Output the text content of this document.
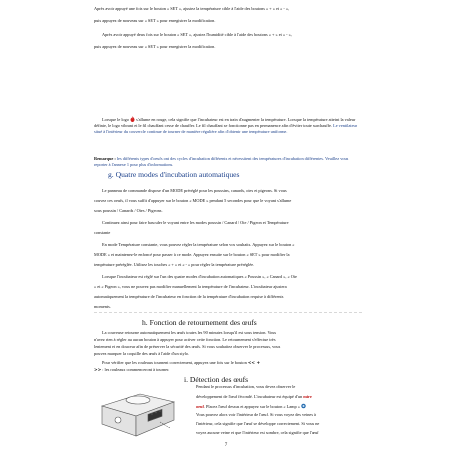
Après avoir appuyé une fois sur le bouton « SET », ajustez la température cible à l'aide des boutons « + » et « - »,

puis appuyez de nouveau sur « SET » pour enregistrer la modification.

Après avoir appuyé deux fois sur le bouton « SET », ajustez l'humidité cible à l'aide des boutons « + » et « - »,

puis appuyez de nouveau sur « SET » pour enregistrer la modification.

Lorsque le logo s'allume en rouge, cela signifie que l'incubateur est en train d'augmenter la température. Lorsque la température atteint la valeur définie, le logo vibrant et le fil chauffant cesse de chauffer. Le fil chauffant se fonctionne pas en permanence afin d'éviter toute surchauffe. Le ventilateur situé à l'intérieur du couvercle continue de tourner de manière régulière afin d'obtenir une température uniforme.

Remarque : les différents types d'oeufs ont des cycles d'incubation différents et nécessitent des températures d'incubation différentes. Veuillez vous reporter à l'annexe 1 pour plus d'informations.
g. Quatre modes d'incubation automatiques

Le panneau de commande dispose d'un MODE préréglé pour les poussins, canards, oies et pigeons. Si vous

couvez ces oeufs, il vous suffit d'appuyer sur le bouton « MODE » pendant 5 secondes pour que le voyant s'allume

sous poussin / Canards / Oies / Pigeons.

Continuez ainsi pour faire basculer le voyant entre les modes poussin / Canard / Oie / Pigeon et Température

constante

En mode Température constante, vous pouvez régler la température selon vos souhaits. Appuyez sur le bouton «

MODE » et maintenez-le enfoncé pour passer à ce mode. Appuyez ensuite sur le bouton « SET » pour modifier la

température préréglée. Utilisez les touches « + » et « - » pour régler la température préréglée.

Lorsque l'incubateur est réglé sur l'un des quatre modes d'incubation automatiques « Poussin », « Canard », « Oie

» et « Pigeon », vous ne pouvez pas modifier manuellement la température de l'incubateur. L'incubateur ajustera

automatiquement la température de l'incubateur en fonction de la température d'incubation requise à différents

moments.

h. Fonction de retournement des œufs

La couveuse retourne automatiquement les œufs toutes les 90 minutes lorsqu'il est sous tension. Vous

n'avez rien à régler au aucun bouton à appuyer pour activer cette fonction. Le retournement s'effectue très

lentement et en douceur afin de préserver la sécurité des œufs. Si vous souhaitez observer le processus, vous

pouvez marquer la coquille des œufs à l'aide d'un stylo.

Pour vérifier que les rouleaux tournent correctement, appuyez une fois sur le bouton << +

>> : les rouleaux commenceront à tourner.

i. Détection des œufs

Pendant le processus d'incubation, vous devez observer le

développement de l'œuf fécondé. L'incubateur est équipé d'un mire

oeuf. Placez l'œuf dessus et appuyez sur le bouton « Lamp »

Vous pouvez alors voir l'intérieur de l'œuf. Si vous voyez des veines à

l'intérieur, cela signifie que l'œuf se développe correctement. Si vous ne

voyez aucune veine et que l'intérieur est sombre, cela signifie que l'œuf

7
